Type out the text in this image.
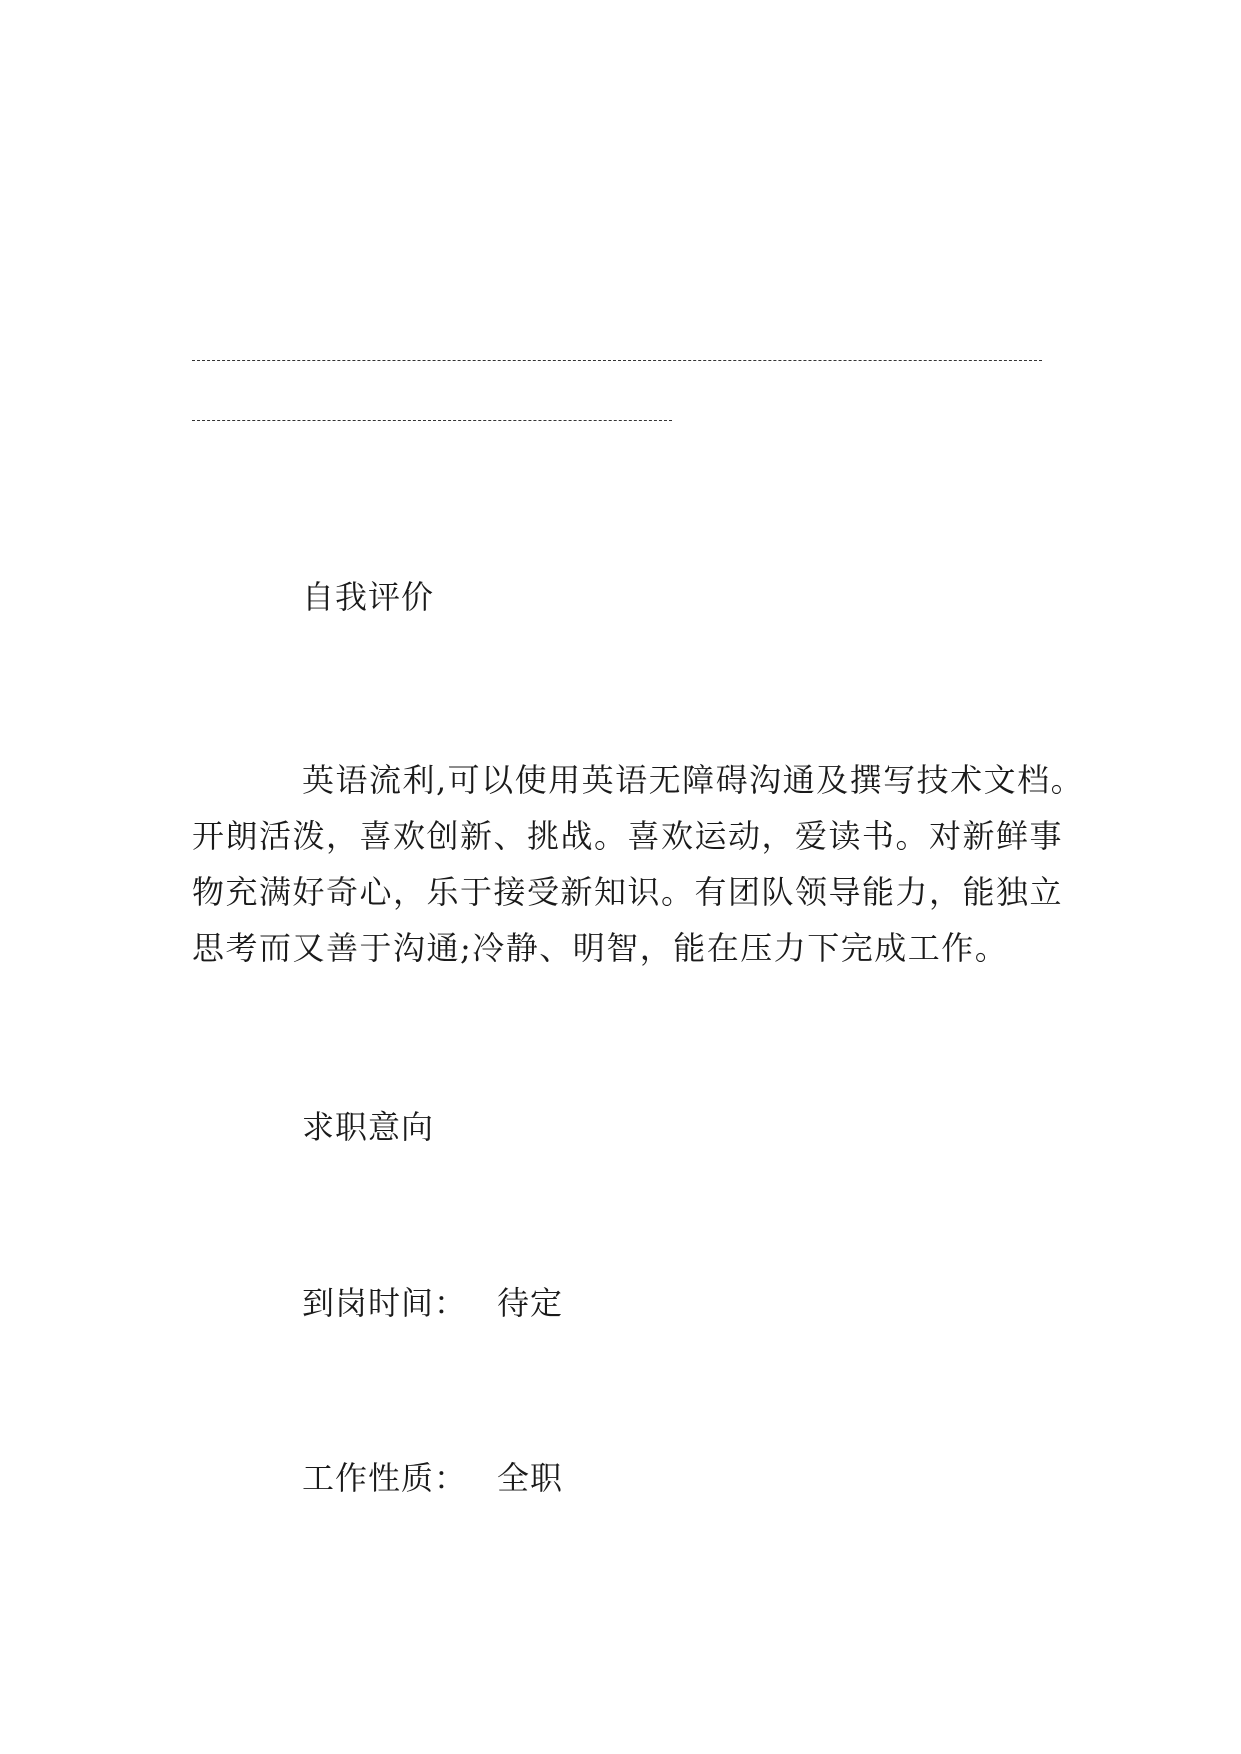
自我评价
英语流利,可以使用英语无障碍沟通及撰写技术文档。
开朗活泼，喜欢创新、挑战。喜欢运动，爱读书。对新鲜事
物充满好奇心，乐于接受新知识。有团队领导能力，能独立
思考而又善于沟通;冷静、明智，能在压力下完成工作。
求职意向
到岗时间： 待定
工作性质： 全职
